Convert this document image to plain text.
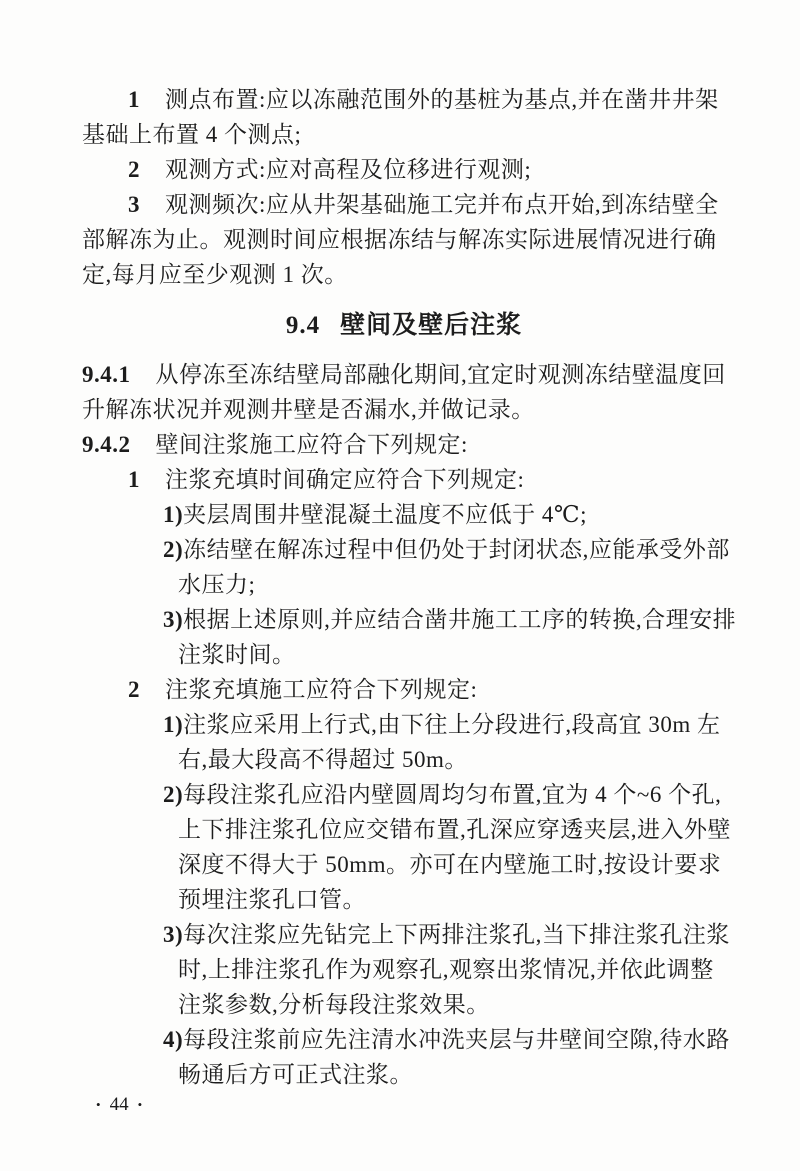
1 测点布置:应以冻融范围外的基桩为基点,并在凿井井架
基础上布置 4 个测点;
2 观测方式:应对高程及位移进行观测;
3 观测频次:应从井架基础施工完并布点开始,到冻结壁全
部解冻为止。观测时间应根据冻结与解冻实际进展情况进行确
定,每月应至少观测 1 次。
9.4 壁间及壁后注浆
9.4.1 从停冻至冻结壁局部融化期间,宜定时观测冻结壁温度回
升解冻状况并观测井壁是否漏水,并做记录。
9.4.2 壁间注浆施工应符合下列规定:
1 注浆充填时间确定应符合下列规定:
1)夹层周围井壁混凝土温度不应低于 4℃;
2)冻结壁在解冻过程中但仍处于封闭状态,应能承受外部
水压力;
3)根据上述原则,并应结合凿井施工工序的转换,合理安排
注浆时间。
2 注浆充填施工应符合下列规定:
1)注浆应采用上行式,由下往上分段进行,段高宜 30m 左
右,最大段高不得超过 50m。
2)每段注浆孔应沿内壁圆周均匀布置,宜为 4 个~6 个孔,
上下排注浆孔位应交错布置,孔深应穿透夹层,进入外壁
深度不得大于 50mm。亦可在内壁施工时,按设计要求
预埋注浆孔口管。
3)每次注浆应先钻完上下两排注浆孔,当下排注浆孔注浆
时,上排注浆孔作为观察孔,观察出浆情况,并依此调整
注浆参数,分析每段注浆效果。
4)每段注浆前应先注清水冲洗夹层与井壁间空隙,待水路
畅通后方可正式注浆。
• 44 •
